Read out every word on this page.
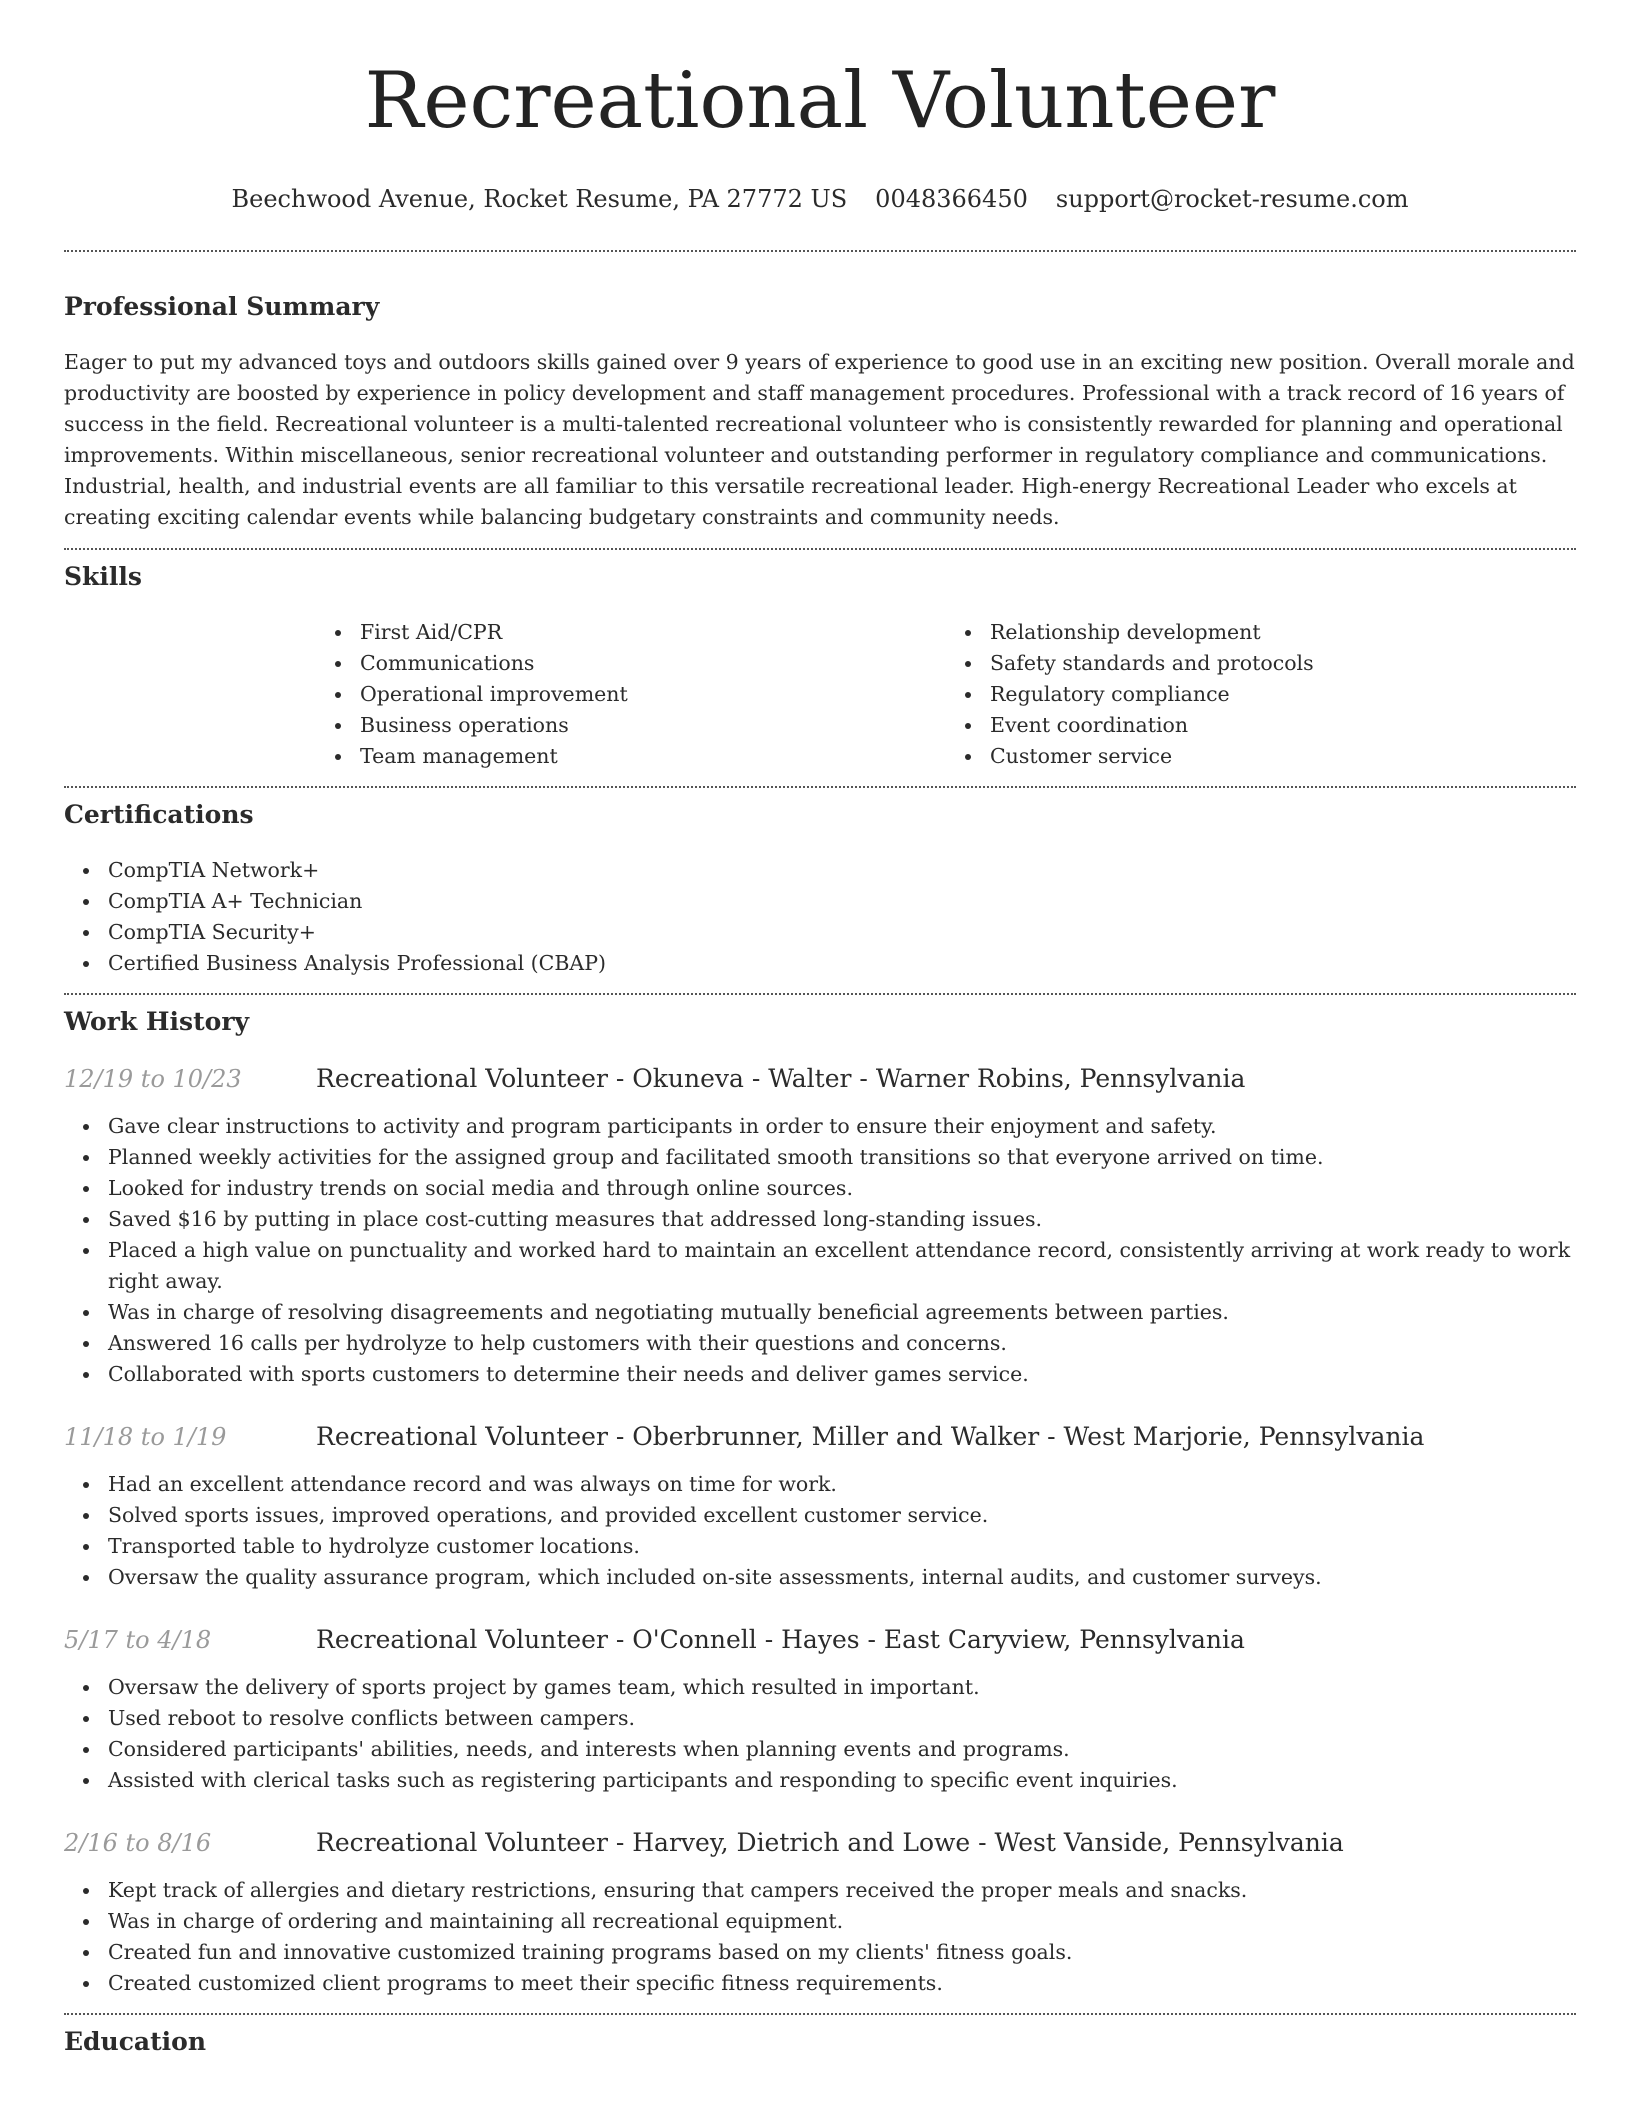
Recreational Volunteer
Beechwood Avenue, Rocket Resume, PA 27772 US 0048366450 support@rocket-resume.com
Professional Summary

Eager to put my advanced toys and outdoors skills gained over 9 years of experience to good use in an exciting new position. Overall morale and productivity are boosted by experience in policy development and staff management procedures. Professional with a track record of 16 years of success in the field. Recreational volunteer is a multi-talented recreational volunteer who is consistently rewarded for planning and operational improvements. Within miscellaneous, senior recreational volunteer and outstanding performer in regulatory compliance and communications. Industrial, health, and industrial events are all familiar to this versatile recreational leader. High-energy Recreational Leader who excels at creating exciting calendar events while balancing budgetary constraints and community needs.

Skills
First Aid/CPR
Communications
Operational improvement
Business operations
Team management
Relationship development
Safety standards and protocols
Regulatory compliance
Event coordination
Customer service
Certifications
CompTIA Network+
CompTIA A+ Technician
CompTIA Security+
Certified Business Analysis Professional (CBAP)
Work History
12/19 to 10/23	Recreational Volunteer - Okuneva - Walter - Warner Robins, Pennsylvania
Gave clear instructions to activity and program participants in order to ensure their enjoyment and safety.
Planned weekly activities for the assigned group and facilitated smooth transitions so that everyone arrived on time.
Looked for industry trends on social media and through online sources.
Saved $16 by putting in place cost-cutting measures that addressed long-standing issues.
Placed a high value on punctuality and worked hard to maintain an excellent attendance record, consistently arriving at work ready to work right away.
Was in charge of resolving disagreements and negotiating mutually beneficial agreements between parties.
Answered 16 calls per hydrolyze to help customers with their questions and concerns.
Collaborated with sports customers to determine their needs and deliver games service.
11/18 to 1/19	Recreational Volunteer - Oberbrunner, Miller and Walker - West Marjorie, Pennsylvania
Had an excellent attendance record and was always on time for work.
Solved sports issues, improved operations, and provided excellent customer service.
Transported table to hydrolyze customer locations.
Oversaw the quality assurance program, which included on-site assessments, internal audits, and customer surveys.
5/17 to 4/18	Recreational Volunteer - O'Connell - Hayes - East Caryview, Pennsylvania
Oversaw the delivery of sports project by games team, which resulted in important.
Used reboot to resolve conflicts between campers.
Considered participants' abilities, needs, and interests when planning events and programs.
Assisted with clerical tasks such as registering participants and responding to specific event inquiries.
2/16 to 8/16	Recreational Volunteer - Harvey, Dietrich and Lowe - West Vanside, Pennsylvania
Kept track of allergies and dietary restrictions, ensuring that campers received the proper meals and snacks.
Was in charge of ordering and maintaining all recreational equipment.
Created fun and innovative customized training programs based on my clients' fitness goals.
Created customized client programs to meet their specific fitness requirements.
Education
